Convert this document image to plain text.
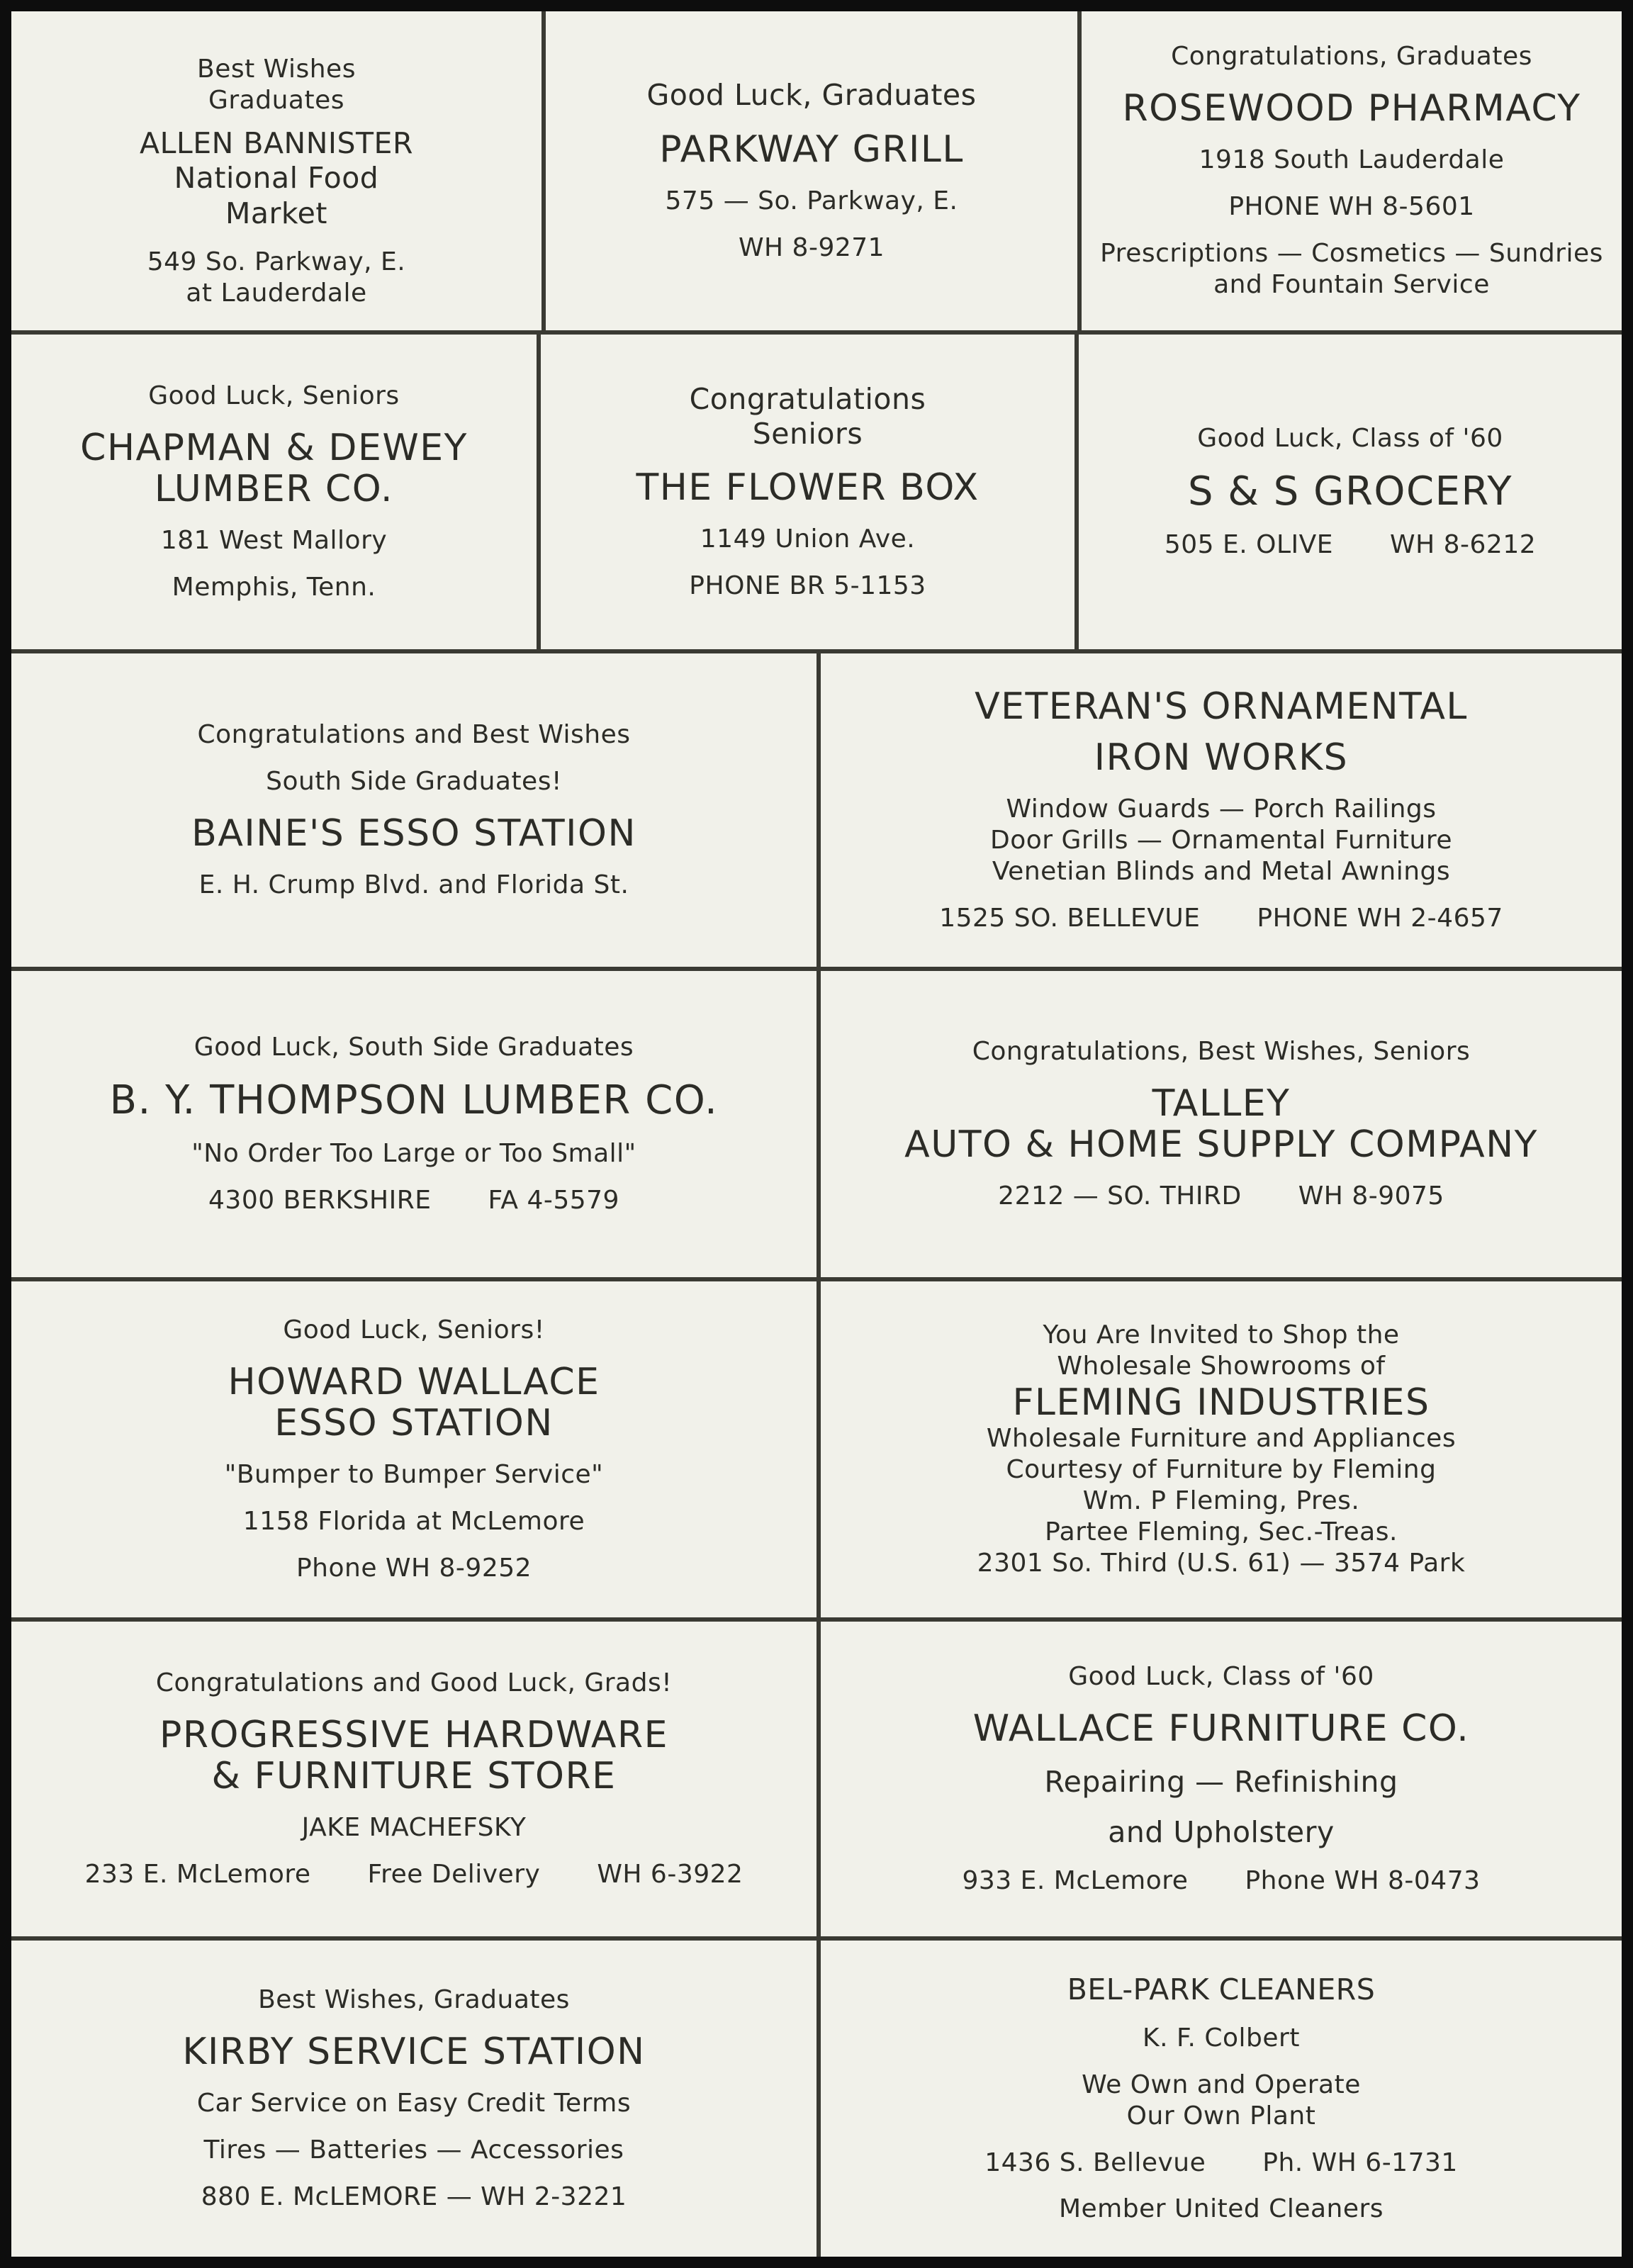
Best Wishes
Graduates
ALLEN BANNISTER
National Food
Market
549 So. Parkway, E.
at Lauderdale
Good Luck, Graduates
PARKWAY GRILL
575 — So. Parkway, E.
WH 8-9271
Congratulations, Graduates
ROSEWOOD PHARMACY
1918 South Lauderdale
PHONE WH 8-5601
Prescriptions — Cosmetics — Sundries
and Fountain Service
Good Luck, Seniors
CHAPMAN & DEWEY
LUMBER CO.
181 West Mallory
Memphis, Tenn.
Congratulations
Seniors
THE FLOWER BOX
1149 Union Ave.
PHONE BR 5-1153
Good Luck, Class of '60
S & S GROCERY
505 E. OLIVE WH 8-6212
Congratulations and Best Wishes
South Side Graduates!
BAINE'S ESSO STATION
E. H. Crump Blvd. and Florida St.
VETERAN'S ORNAMENTAL
IRON WORKS
Window Guards — Porch Railings
Door Grills — Ornamental Furniture
Venetian Blinds and Metal Awnings
1525 SO. BELLEVUE PHONE WH 2-4657
Good Luck, South Side Graduates
B. Y. THOMPSON LUMBER CO.
"No Order Too Large or Too Small"
4300 BERKSHIRE FA 4-5579
Congratulations, Best Wishes, Seniors
TALLEY
AUTO & HOME SUPPLY COMPANY
2212 — SO. THIRD WH 8-9075
Good Luck, Seniors!
HOWARD WALLACE
ESSO STATION
"Bumper to Bumper Service"
1158 Florida at McLemore
Phone WH 8-9252
You Are Invited to Shop the
Wholesale Showrooms of
FLEMING INDUSTRIES
Wholesale Furniture and Appliances
Courtesy of Furniture by Fleming
Wm. P Fleming, Pres.
Partee Fleming, Sec.-Treas.
2301 So. Third (U.S. 61) — 3574 Park
Congratulations and Good Luck, Grads!
PROGRESSIVE HARDWARE
& FURNITURE STORE
JAKE MACHEFSKY
233 E. McLemore Free Delivery WH 6-3922
Good Luck, Class of '60
WALLACE FURNITURE CO.
Repairing — Refinishing
and Upholstery
933 E. McLemore Phone WH 8-0473
Best Wishes, Graduates
KIRBY SERVICE STATION
Car Service on Easy Credit Terms
Tires — Batteries — Accessories
880 E. McLEMORE — WH 2-3221
BEL-PARK CLEANERS
K. F. Colbert
We Own and Operate
Our Own Plant
1436 S. Bellevue Ph. WH 6-1731
Member United Cleaners
